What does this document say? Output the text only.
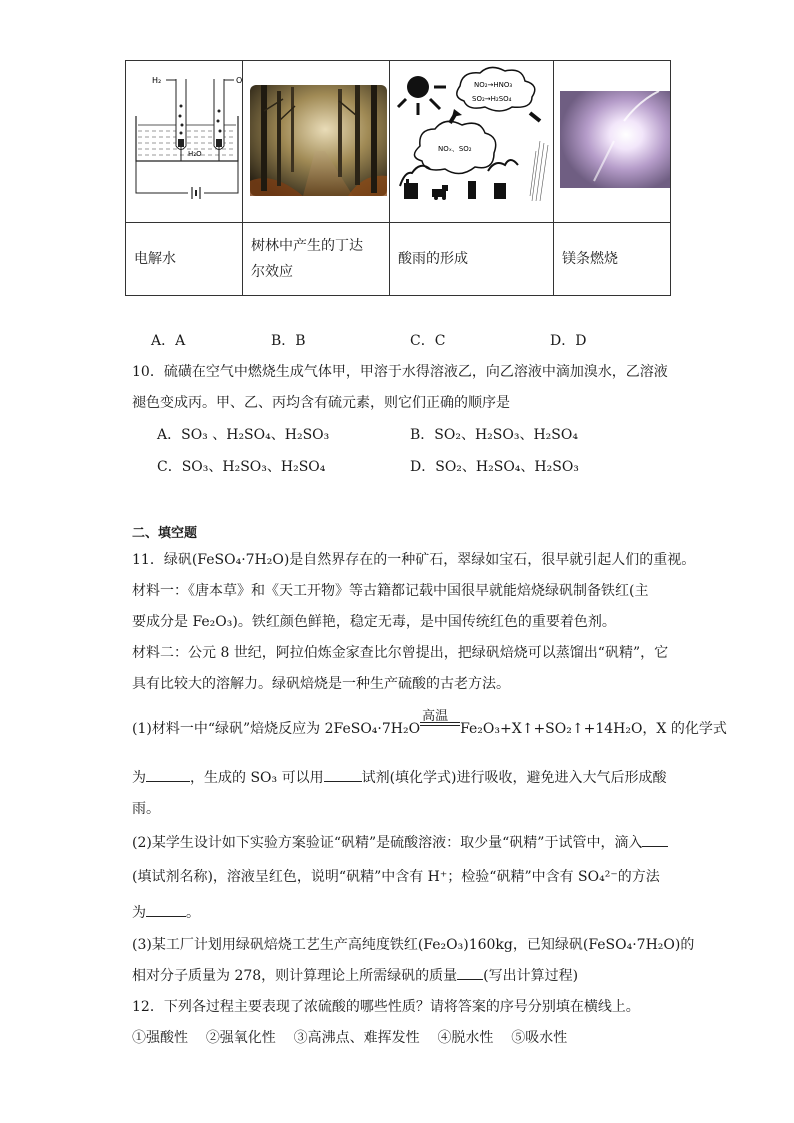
H₂ O
H₂O		NO₂→HNO₃
SO₂→H₂SO₄
NOₓ、SO₂

电解水	树林中产生的丁达尔效应	酸雨的形成	镁条燃烧
A．A	B．B	C．C	D．D
10．硫磺在空气中燃烧生成气体甲，甲溶于水得溶液乙，向乙溶液中滴加溴水，乙溶液
褪色变成丙。甲、乙、丙均含有硫元素，则它们正确的顺序是
A．SO₃ 、H₂SO₄、H₂SO₃	B．SO₂、H₂SO₃、H₂SO₄
C．SO₃、H₂SO₃、H₂SO₄	D．SO₂、H₂SO₄、H₂SO₃
二、填空题
11．绿矾(FeSO₄·7H₂O)是自然界存在的一种矿石，翠绿如宝石，很早就引起人们的重视。
材料一：《唐本草》和《天工开物》等古籍都记载中国很早就能焙烧绿矾制备铁红(主
要成分是 Fe₂O₃)。铁红颜色鲜艳，稳定无毒，是中国传统红色的重要着色剂。
材料二：公元 8 世纪，阿拉伯炼金家查比尔曾提出，把绿矾焙烧可以蒸馏出“矾精”，它
具有比较大的溶解力。绿矾焙烧是一种生产硫酸的古老方法。
(1)材料一中“绿矾”焙烧反应为 2FeSO₄·7H₂O
高温
Fe₂O₃+X↑+SO₂↑+14H₂O，X 的化学式
为	，生成的 SO₃ 可以用	试剂(填化学式)进行吸收，避免进入大气后形成酸
雨。
(2)某学生设计如下实验方案验证“矾精”是硫酸溶液：取少量“矾精”于试管中，滴入
(填试剂名称)，溶液呈红色，说明“矾精”中含有 H⁺；检验“矾精”中含有 SO₄²⁻的方法
为	。
(3)某工厂计划用绿矾焙烧工艺生产高纯度铁红(Fe₂O₃)160kg，已知绿矾(FeSO₄·7H₂O)的
相对分子质量为 278，则计算理论上所需绿矾的质量 (写出计算过程)
12．下列各过程主要表现了浓硫酸的哪些性质？请将答案的序号分别填在横线上。
①强酸性 ②强氧化性 ③高沸点、难挥发性 ④脱水性 ⑤吸水性
